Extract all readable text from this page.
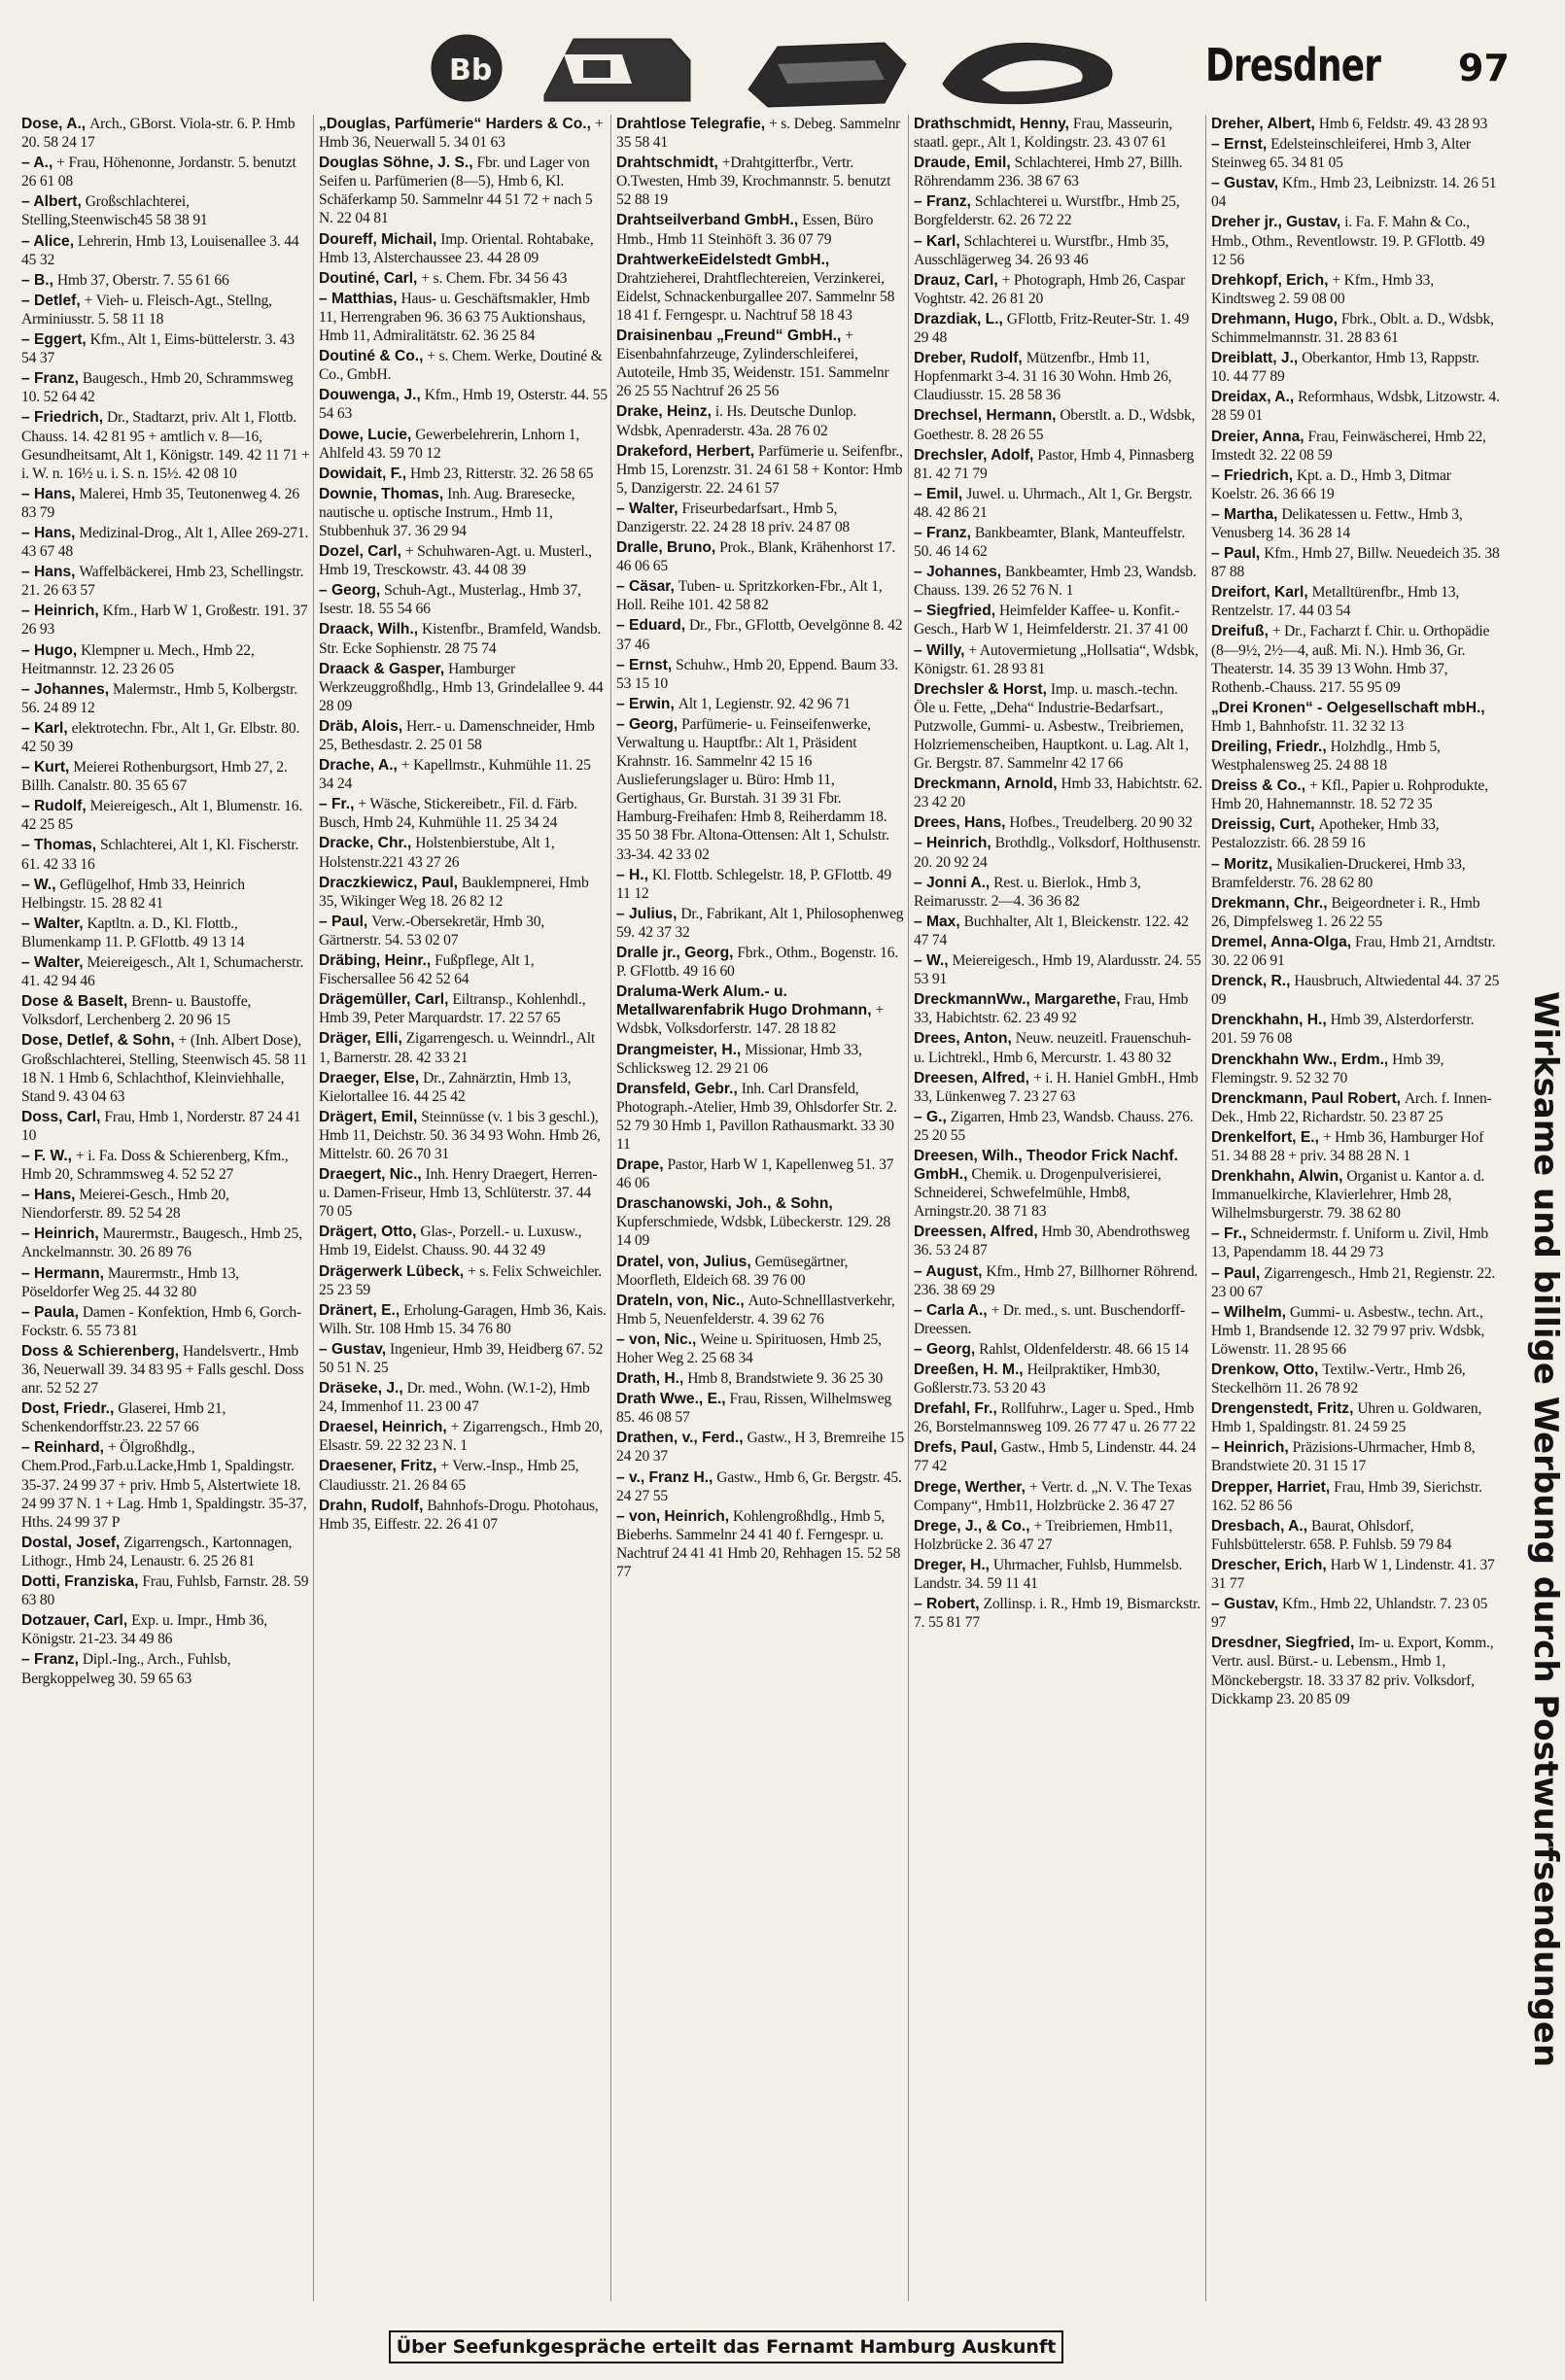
Bb	Dresdner 97
Dose, A., Arch., GBorst. Viola-str. 6. P. Hmb 20. 58 24 17
– A., + Frau, Höhenonne, Jordanstr. 5. benutzt 26 61 08
– Albert, Großschlachterei, Stelling,Steenwisch45 58 38 91
– Alice, Lehrerin, Hmb 13, Louisenallee 3. 44 45 32
– B., Hmb 37, Oberstr. 7. 55 61 66
– Detlef, + Vieh- u. Fleisch-Agt., Stellng, Arminiusstr. 5. 58 11 18
– Eggert, Kfm., Alt 1, Eims-büttelerstr. 3. 43 54 37
– Franz, Baugesch., Hmb 20, Schrammsweg 10. 52 64 42
– Friedrich, Dr., Stadtarzt, priv. Alt 1, Flottb. Chauss. 14. 42 81 95 + amtlich v. 8—16, Gesundheitsamt, Alt 1, Königstr. 149. 42 11 71 + i. W. n. 16½ u. i. S. n. 15½. 42 08 10
– Hans, Malerei, Hmb 35, Teutonenweg 4. 26 83 79
– Hans, Medizinal-Drog., Alt 1, Allee 269-271. 43 67 48
– Hans, Waffelbäckerei, Hmb 23, Schellingstr. 21. 26 63 57
– Heinrich, Kfm., Harb W 1, Großestr. 191. 37 26 93
– Hugo, Klempner u. Mech., Hmb 22, Heitmannstr. 12. 23 26 05
– Johannes, Malermstr., Hmb 5, Kolbergstr. 56. 24 89 12
– Karl, elektrotechn. Fbr., Alt 1, Gr. Elbstr. 80. 42 50 39
– Kurt, Meierei Rothenburgsort, Hmb 27, 2. Billh. Canalstr. 80. 35 65 67
– Rudolf, Meiereigesch., Alt 1, Blumenstr. 16. 42 25 85
– Thomas, Schlachterei, Alt 1, Kl. Fischerstr. 61. 42 33 16
– W., Geflügelhof, Hmb 33, Heinrich Helbingstr. 15. 28 82 41
– Walter, Kaptltn. a. D., Kl. Flottb., Blumenkamp 11. P. GFlottb. 49 13 14
– Walter, Meiereigesch., Alt 1, Schumacherstr. 41. 42 94 46
Dose & Baselt, Brenn- u. Baustoffe, Volksdorf, Lerchenberg 2. 20 96 15
Dose, Detlef, & Sohn, + (Inh. Albert Dose), Großschlachterei, Stelling, Steenwisch 45. 58 11 18 N. 1 Hmb 6, Schlachthof, Kleinviehhalle, Stand 9. 43 04 63
Doss, Carl, Frau, Hmb 1, Norderstr. 87 24 41 10
– F. W., + i. Fa. Doss & Schierenberg, Kfm., Hmb 20, Schrammsweg 4. 52 52 27
– Hans, Meierei-Gesch., Hmb 20, Niendorferstr. 89. 52 54 28
– Heinrich, Maurermstr., Baugesch., Hmb 25, Anckelmannstr. 30. 26 89 76
– Hermann, Maurermstr., Hmb 13, Pöseldorfer Weg 25. 44 32 80
– Paula, Damen - Konfektion, Hmb 6, Gorch-Fockstr. 6. 55 73 81
Doss & Schierenberg, Handelsvertr., Hmb 36, Neuerwall 39. 34 83 95 + Falls geschl. Doss anr. 52 52 27
Dost, Friedr., Glaserei, Hmb 21, Schenkendorffstr.23. 22 57 66
– Reinhard, + Ölgroßhdlg., Chem.Prod.,Farb.u.Lacke,Hmb 1, Spaldingstr. 35-37. 24 99 37 + priv. Hmb 5, Alstertwiete 18. 24 99 37 N. 1 + Lag. Hmb 1, Spaldingstr. 35-37, Hths. 24 99 37 P
Dostal, Josef, Zigarrengsch., Kartonnagen, Lithogr., Hmb 24, Lenaustr. 6. 25 26 81
Dotti, Franziska, Frau, Fuhlsb, Farnstr. 28. 59 63 80
Dotzauer, Carl, Exp. u. Impr., Hmb 36, Königstr. 21-23. 34 49 86
– Franz, Dipl.-Ing., Arch., Fuhlsb, Bergkoppelweg 30. 59 65 63
„Douglas, Parfümerie“ Harders & Co., + Hmb 36, Neuerwall 5. 34 01 63
Douglas Söhne, J. S., Fbr. und Lager von Seifen u. Parfümerien (8—5), Hmb 6, Kl. Schäferkamp 50. Sammelnr 44 51 72 + nach 5 N. 22 04 81
Doureff, Michail, Imp. Oriental. Rohtabake, Hmb 13, Alsterchaussee 23. 44 28 09
Doutiné, Carl, + s. Chem. Fbr. 34 56 43
– Matthias, Haus- u. Geschäftsmakler, Hmb 11, Herrengraben 96. 36 63 75 Auktionshaus, Hmb 11, Admiralitätstr. 62. 36 25 84
Doutiné & Co., + s. Chem. Werke, Doutiné & Co., GmbH.
Douwenga, J., Kfm., Hmb 19, Osterstr. 44. 55 54 63
Dowe, Lucie, Gewerbelehrerin, Lnhorn 1, Ahlfeld 43. 59 70 12
Dowidait, F., Hmb 23, Ritterstr. 32. 26 58 65
Downie, Thomas, Inh. Aug. Braresecke, nautische u. optische Instrum., Hmb 11, Stubbenhuk 37. 36 29 94
Dozel, Carl, + Schuhwaren-Agt. u. Musterl., Hmb 19, Tresckowstr. 43. 44 08 39
– Georg, Schuh-Agt., Musterlag., Hmb 37, Isestr. 18. 55 54 66
Draack, Wilh., Kistenfbr., Bramfeld, Wandsb. Str. Ecke Sophienstr. 28 75 74
Draack & Gasper, Hamburger Werkzeuggroßhdlg., Hmb 13, Grindelallee 9. 44 28 09
Dräb, Alois, Herr.- u. Damenschneider, Hmb 25, Bethesdastr. 2. 25 01 58
Drache, A., + Kapellmstr., Kuhmühle 11. 25 34 24
– Fr., + Wäsche, Stickereibetr., Fil. d. Färb. Busch, Hmb 24, Kuhmühle 11. 25 34 24
Dracke, Chr., Holstenbierstube, Alt 1, Holstenstr.221 43 27 26
Draczkiewicz, Paul, Bauklempnerei, Hmb 35, Wikinger Weg 18. 26 82 12
– Paul, Verw.-Obersekretär, Hmb 30, Gärtnerstr. 54. 53 02 07
Dräbing, Heinr., Fußpflege, Alt 1, Fischersallee 56 42 52 64
Drägemüller, Carl, Eiltransp., Kohlenhdl., Hmb 39, Peter Marquardstr. 17. 22 57 65
Dräger, Elli, Zigarrengesch. u. Weinndrl., Alt 1, Barnerstr. 28. 42 33 21
Draeger, Else, Dr., Zahnärztin, Hmb 13, Kielortallee 16. 44 25 42
Drägert, Emil, Steinnüsse (v. 1 bis 3 geschl.), Hmb 11, Deichstr. 50. 36 34 93 Wohn. Hmb 26, Mittelstr. 60. 26 70 31
Draegert, Nic., Inh. Henry Draegert, Herren- u. Damen-Friseur, Hmb 13, Schlüterstr. 37. 44 70 05
Drägert, Otto, Glas-, Porzell.- u. Luxusw., Hmb 19, Eidelst. Chauss. 90. 44 32 49
Drägerwerk Lübeck, + s. Felix Schweichler. 25 23 59
Dränert, E., Erholung-Garagen, Hmb 36, Kais. Wilh. Str. 108 Hmb 15. 34 76 80
– Gustav, Ingenieur, Hmb 39, Heidberg 67. 52 50 51 N. 25
Dräseke, J., Dr. med., Wohn. (W.1-2), Hmb 24, Immenhof 11. 23 00 47
Draesel, Heinrich, + Zigarrengsch., Hmb 20, Elsastr. 59. 22 32 23 N. 1
Draesener, Fritz, + Verw.-Insp., Hmb 25, Claudiusstr. 21. 26 84 65
Drahn, Rudolf, Bahnhofs-Drogu. Photohaus, Hmb 35, Eiffestr. 22. 26 41 07
Drahtlose Telegrafie, + s. Debeg. Sammelnr 35 58 41
Drahtschmidt, +Drahtgitterfbr., Vertr. O.Twesten, Hmb 39, Krochmannstr. 5. benutzt 52 88 19
Drahtseilverband GmbH., Essen, Büro Hmb., Hmb 11 Steinhöft 3. 36 07 79
DrahtwerkeEidelstedt GmbH., Drahtzieherei, Drahtflechtereien, Verzinkerei, Eidelst, Schnackenburgallee 207. Sammelnr 58 18 41 f. Ferngespr. u. Nachtruf 58 18 43
Draisinenbau „Freund“ GmbH., + Eisenbahnfahrzeuge, Zylinderschleiferei, Autoteile, Hmb 35, Weidenstr. 151. Sammelnr 26 25 55 Nachtruf 26 25 56
Drake, Heinz, i. Hs. Deutsche Dunlop. Wdsbk, Apenraderstr. 43a. 28 76 02
Drakeford, Herbert, Parfümerie u. Seifenfbr., Hmb 15, Lorenzstr. 31. 24 61 58 + Kontor: Hmb 5, Danzigerstr. 22. 24 61 57
– Walter, Friseurbedarfsart., Hmb 5, Danzigerstr. 22. 24 28 18 priv. 24 87 08
Dralle, Bruno, Prok., Blank, Krähenhorst 17. 46 06 65
– Cäsar, Tuben- u. Spritzkorken-Fbr., Alt 1, Holl. Reihe 101. 42 58 82
– Eduard, Dr., Fbr., GFlottb, Oevelgönne 8. 42 37 46
– Ernst, Schuhw., Hmb 20, Eppend. Baum 33. 53 15 10
– Erwin, Alt 1, Legienstr. 92. 42 96 71
– Georg, Parfümerie- u. Feinseifenwerke, Verwaltung u. Hauptfbr.: Alt 1, Präsident Krahnstr. 16. Sammelnr 42 15 16 Auslieferungslager u. Büro: Hmb 11, Gertighaus, Gr. Burstah. 31 39 31 Fbr. Hamburg-Freihafen: Hmb 8, Reiherdamm 18. 35 50 38 Fbr. Altona-Ottensen: Alt 1, Schulstr. 33-34. 42 33 02
– H., Kl. Flottb. Schlegelstr. 18, P. GFlottb. 49 11 12
– Julius, Dr., Fabrikant, Alt 1, Philosophenweg 59. 42 37 32
Dralle jr., Georg, Fbrk., Othm., Bogenstr. 16. P. GFlottb. 49 16 60
Draluma-Werk Alum.- u. Metallwarenfabrik Hugo Drohmann, + Wdsbk, Volksdorferstr. 147. 28 18 82
Drangmeister, H., Missionar, Hmb 33, Schlicksweg 12. 29 21 06
Dransfeld, Gebr., Inh. Carl Dransfeld, Photograph.-Atelier, Hmb 39, Ohlsdorfer Str. 2. 52 79 30 Hmb 1, Pavillon Rathausmarkt. 33 30 11
Drape, Pastor, Harb W 1, Kapellenweg 51. 37 46 06
Draschanowski, Joh., & Sohn, Kupferschmiede, Wdsbk, Lübeckerstr. 129. 28 14 09
Dratel, von, Julius, Gemüsegärtner, Moorfleth, Eldeich 68. 39 76 00
Drateln, von, Nic., Auto-Schnelllastverkehr, Hmb 5, Neuenfelderstr. 4. 39 62 76
– von, Nic., Weine u. Spirituosen, Hmb 25, Hoher Weg 2. 25 68 34
Drath, H., Hmb 8, Brandstwiete 9. 36 25 30
Drath Wwe., E., Frau, Rissen, Wilhelmsweg 85. 46 08 57
Drathen, v., Ferd., Gastw., H 3, Bremreihe 15 24 20 37
– v., Franz H., Gastw., Hmb 6, Gr. Bergstr. 45. 24 27 55
– von, Heinrich, Kohlengroßhdlg., Hmb 5, Bieberhs. Sammelnr 24 41 40 f. Ferngespr. u. Nachtruf 24 41 41 Hmb 20, Rehhagen 15. 52 58 77
Drathschmidt, Henny, Frau, Masseurin, staatl. gepr., Alt 1, Koldingstr. 23. 43 07 61
Draude, Emil, Schlachterei, Hmb 27, Billh. Röhrendamm 236. 38 67 63
– Franz, Schlachterei u. Wurstfbr., Hmb 25, Borgfelderstr. 62. 26 72 22
– Karl, Schlachterei u. Wurstfbr., Hmb 35, Ausschlägerweg 34. 26 93 46
Drauz, Carl, + Photograph, Hmb 26, Caspar Voghtstr. 42. 26 81 20
Drazdiak, L., GFlottb, Fritz-Reuter-Str. 1. 49 29 48
Dreber, Rudolf, Mützenfbr., Hmb 11, Hopfenmarkt 3-4. 31 16 30 Wohn. Hmb 26, Claudiusstr. 15. 28 58 36
Drechsel, Hermann, Oberstlt. a. D., Wdsbk, Goethestr. 8. 28 26 55
Drechsler, Adolf, Pastor, Hmb 4, Pinnasberg 81. 42 71 79
– Emil, Juwel. u. Uhrmach., Alt 1, Gr. Bergstr. 48. 42 86 21
– Franz, Bankbeamter, Blank, Manteuffelstr. 50. 46 14 62
– Johannes, Bankbeamter, Hmb 23, Wandsb. Chauss. 139. 26 52 76 N. 1
– Siegfried, Heimfelder Kaffee- u. Konfit.-Gesch., Harb W 1, Heimfelderstr. 21. 37 41 00
– Willy, + Autovermietung „Hollsatia“, Wdsbk, Königstr. 61. 28 93 81
Drechsler & Horst, Imp. u. masch.-techn. Öle u. Fette, „Deha“ Industrie-Bedarfsart., Putzwolle, Gummi- u. Asbestw., Treibriemen, Holzriemenscheiben, Hauptkont. u. Lag. Alt 1, Gr. Bergstr. 87. Sammelnr 42 17 66
Dreckmann, Arnold, Hmb 33, Habichtstr. 62. 23 42 20
Drees, Hans, Hofbes., Treudelberg. 20 90 32
– Heinrich, Brothdlg., Volksdorf, Holthusenstr. 20. 20 92 24
– Jonni A., Rest. u. Bierlok., Hmb 3, Reimarusstr. 2—4. 36 36 82
– Max, Buchhalter, Alt 1, Bleickenstr. 122. 42 47 74
– W., Meiereigesch., Hmb 19, Alardusstr. 24. 55 53 91
DreckmannWw., Margarethe, Frau, Hmb 33, Habichtstr. 62. 23 49 92
Drees, Anton, Neuw. neuzeitl. Frauenschuh- u. Lichtrekl., Hmb 6, Mercurstr. 1. 43 80 32
Dreesen, Alfred, + i. H. Haniel GmbH., Hmb 33, Lünkenweg 7. 23 27 63
– G., Zigarren, Hmb 23, Wandsb. Chauss. 276. 25 20 55
Dreesen, Wilh., Theodor Frick Nachf. GmbH., Chemik. u. Drogenpulverisierei, Schneiderei, Schwefelmühle, Hmb8, Arningstr.20. 38 71 83
Dreessen, Alfred, Hmb 30, Abendrothsweg 36. 53 24 87
– August, Kfm., Hmb 27, Billhorner Röhrend. 236. 38 69 29
– Carla A., + Dr. med., s. unt. Buschendorff-Dreessen.
– Georg, Rahlst, Oldenfelderstr. 48. 66 15 14
Dreeßen, H. M., Heilpraktiker, Hmb30, Goßlerstr.73. 53 20 43
Drefahl, Fr., Rollfuhrw., Lager u. Sped., Hmb 26, Borstelmannsweg 109. 26 77 47 u. 26 77 22
Drefs, Paul, Gastw., Hmb 5, Lindenstr. 44. 24 77 42
Drege, Werther, + Vertr. d. „N. V. The Texas Company“, Hmb11, Holzbrücke 2. 36 47 27
Drege, J., & Co., + Treibriemen, Hmb11, Holzbrücke 2. 36 47 27
Dreger, H., Uhrmacher, Fuhlsb, Hummelsb. Landstr. 34. 59 11 41
– Robert, Zollinsp. i. R., Hmb 19, Bismarckstr. 7. 55 81 77
Dreher, Albert, Hmb 6, Feldstr. 49. 43 28 93
– Ernst, Edelsteinschleiferei, Hmb 3, Alter Steinweg 65. 34 81 05
– Gustav, Kfm., Hmb 23, Leibnizstr. 14. 26 51 04
Dreher jr., Gustav, i. Fa. F. Mahn & Co., Hmb., Othm., Reventlowstr. 19. P. GFlottb. 49 12 56
Drehkopf, Erich, + Kfm., Hmb 33, Kindtsweg 2. 59 08 00
Drehmann, Hugo, Fbrk., Oblt. a. D., Wdsbk, Schimmelmannstr. 31. 28 83 61
Dreiblatt, J., Oberkantor, Hmb 13, Rappstr. 10. 44 77 89
Dreidax, A., Reformhaus, Wdsbk, Litzowstr. 4. 28 59 01
Dreier, Anna, Frau, Feinwäscherei, Hmb 22, Imstedt 32. 22 08 59
– Friedrich, Kpt. a. D., Hmb 3, Ditmar Koelstr. 26. 36 66 19
– Martha, Delikatessen u. Fettw., Hmb 3, Venusberg 14. 36 28 14
– Paul, Kfm., Hmb 27, Billw. Neuedeich 35. 38 87 88
Dreifort, Karl, Metalltürenfbr., Hmb 13, Rentzelstr. 17. 44 03 54
Dreifuß, + Dr., Facharzt f. Chir. u. Orthopädie (8—9½, 2½—4, auß. Mi. N.). Hmb 36, Gr. Theaterstr. 14. 35 39 13 Wohn. Hmb 37, Rothenb.-Chauss. 217. 55 95 09
„Drei Kronen“ - Oelgesellschaft mbH., Hmb 1, Bahnhofstr. 11. 32 32 13
Dreiling, Friedr., Holzhdlg., Hmb 5, Westphalensweg 25. 24 88 18
Dreiss & Co., + Kfl., Papier u. Rohprodukte, Hmb 20, Hahnemannstr. 18. 52 72 35
Dreissig, Curt, Apotheker, Hmb 33, Pestalozzistr. 66. 28 59 16
– Moritz, Musikalien-Druckerei, Hmb 33, Bramfelderstr. 76. 28 62 80
Drekmann, Chr., Beigeordneter i. R., Hmb 26, Dimpfelsweg 1. 26 22 55
Dremel, Anna-Olga, Frau, Hmb 21, Arndtstr. 30. 22 06 91
Drenck, R., Hausbruch, Altwiedental 44. 37 25 09
Drenckhahn, H., Hmb 39, Alsterdorferstr. 201. 59 76 08
Drenckhahn Ww., Erdm., Hmb 39, Flemingstr. 9. 52 32 70
Drenckmann, Paul Robert, Arch. f. Innen-Dek., Hmb 22, Richardstr. 50. 23 87 25
Drenkelfort, E., + Hmb 36, Hamburger Hof 51. 34 88 28 + priv. 34 88 28 N. 1
Drenkhahn, Alwin, Organist u. Kantor a. d. Immanuelkirche, Klavierlehrer, Hmb 28, Wilhelmsburgerstr. 79. 38 62 80
– Fr., Schneidermstr. f. Uniform u. Zivil, Hmb 13, Papendamm 18. 44 29 73
– Paul, Zigarrengesch., Hmb 21, Regienstr. 22. 23 00 67
– Wilhelm, Gummi- u. Asbestw., techn. Art., Hmb 1, Brandsende 12. 32 79 97 priv. Wdsbk, Löwenstr. 11. 28 95 66
Drenkow, Otto, Textilw.-Vertr., Hmb 26, Steckelhörn 11. 26 78 92
Drengenstedt, Fritz, Uhren u. Goldwaren, Hmb 1, Spaldingstr. 81. 24 59 25
– Heinrich, Präzisions-Uhrmacher, Hmb 8, Brandstwiete 20. 31 15 17
Drepper, Harriet, Frau, Hmb 39, Sierichstr. 162. 52 86 56
Dresbach, A., Baurat, Ohlsdorf, Fuhlsbüttelerstr. 658. P. Fuhlsb. 59 79 84
Drescher, Erich, Harb W 1, Lindenstr. 41. 37 31 77
– Gustav, Kfm., Hmb 22, Uhlandstr. 7. 23 05 97
Dresdner, Siegfried, Im- u. Export, Komm., Vertr. ausl. Bürst.- u. Lebensm., Hmb 1, Mönckebergstr. 18. 33 37 82 priv. Volksdorf, Dickkamp 23. 20 85 09	Wirksame und billige Werbung durch Postwurfsendungen
Über Seefunkgespräche erteilt das Fernamt Hamburg Auskunft
